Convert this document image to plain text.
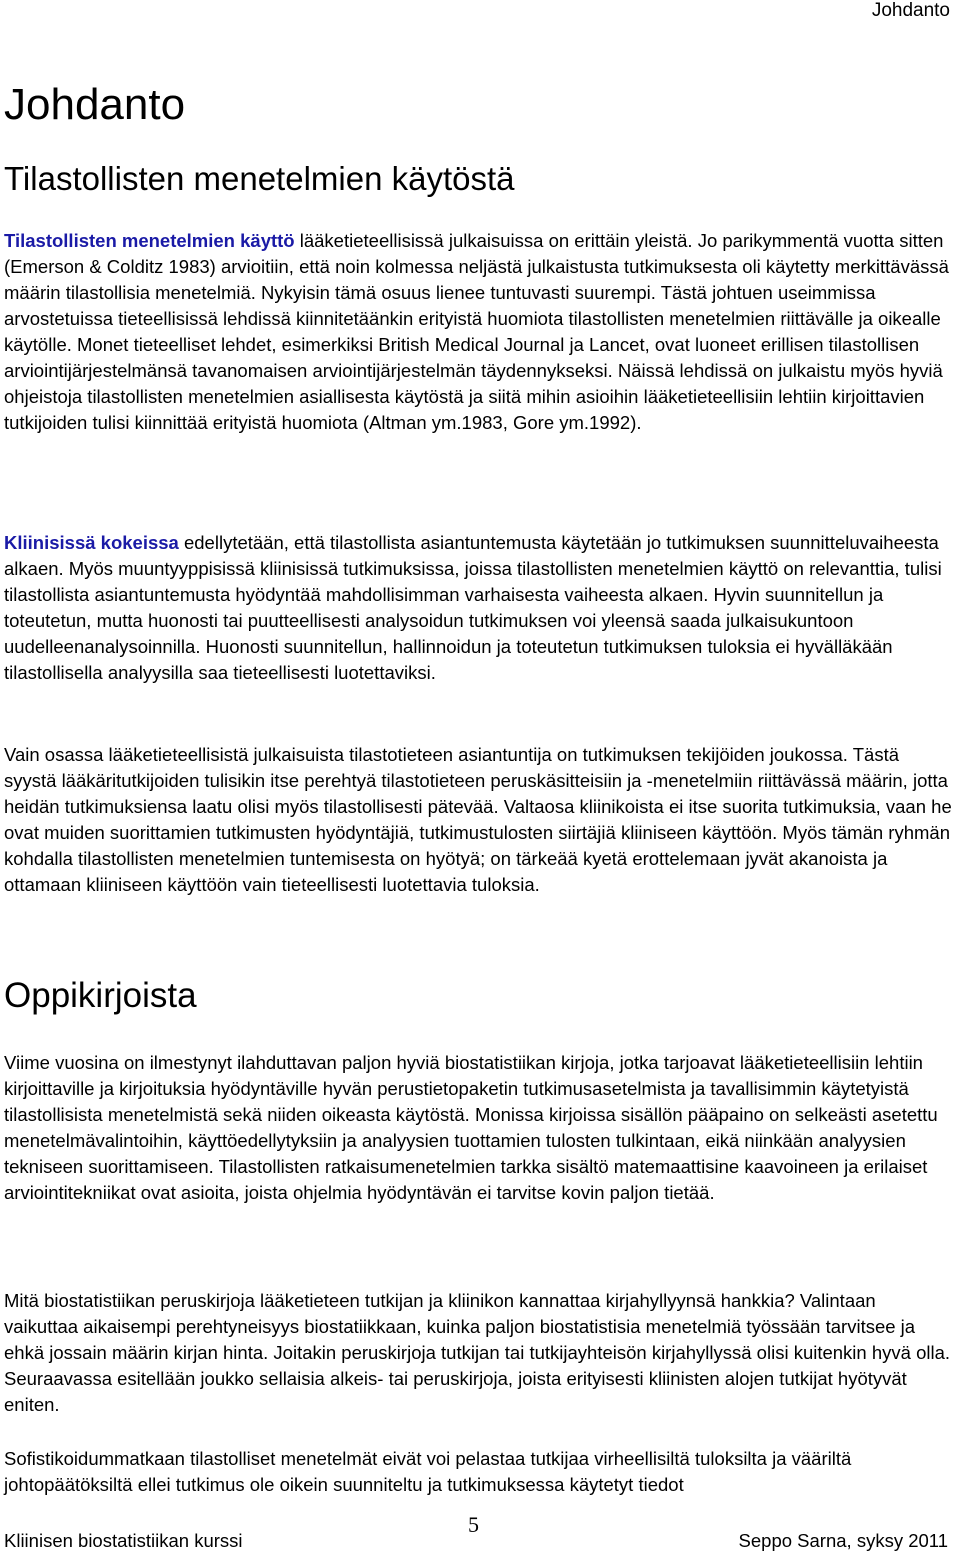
Johdanto
Johdanto
Tilastollisten menetelmien käytöstä

Tilastollisten menetelmien käyttö lääketieteellisissä julkaisuissa on erittäin yleistä. Jo parikymmentä vuotta sitten (Emerson & Colditz 1983) arvioitiin, että noin kolmessa neljästä julkaistusta tutkimuksesta oli käytetty merkittävässä määrin tilastollisia menetelmiä. Nykyisin tämä osuus lienee tuntuvasti suurempi. Tästä johtuen useimmissa arvostetuissa tieteellisissä lehdissä kiinnitetäänkin erityistä huomiota tilastollisten menetelmien riittävälle ja oikealle käytölle. Monet tieteelliset lehdet, esimerkiksi British Medical Journal ja Lancet, ovat luoneet erillisen tilastollisen arviointijärjestelmänsä tavanomaisen arviointijärjestelmän täydennykseksi. Näissä lehdissä on julkaistu myös hyviä ohjeistoja tilastollisten menetelmien asiallisesta käytöstä ja siitä mihin asioihin lääketieteellisiin lehtiin kirjoittavien tutkijoiden tulisi kiinnittää erityistä huomiota (Altman ym.1983, Gore ym.1992).

Kliinisissä kokeissa edellytetään, että tilastollista asiantuntemusta käytetään jo tutkimuksen suunnitteluvaiheesta alkaen. Myös muuntyyppisissä kliinisissä tutkimuksissa, joissa tilastollisten menetelmien käyttö on relevanttia, tulisi tilastollista asiantuntemusta hyödyntää mahdollisimman varhaisesta vaiheesta alkaen. Hyvin suunnitellun ja toteutetun, mutta huonosti tai puutteellisesti analysoidun tutkimuksen voi yleensä saada julkaisukuntoon uudelleenanalysoinnilla. Huonosti suunnitellun, hallinnoidun ja toteutetun tutkimuksen tuloksia ei hyvälläkään tilastollisella analyysilla saa tieteellisesti luotettaviksi.

Vain osassa lääketieteellisistä julkaisuista tilastotieteen asiantuntija on tutkimuksen tekijöiden joukossa. Tästä syystä lääkäritutkijoiden tulisikin itse perehtyä tilastotieteen peruskäsitteisiin ja -menetelmiin riittävässä määrin, jotta heidän tutkimuksiensa laatu olisi myös tilastollisesti pätevää. Valtaosa kliinikoista ei itse suorita tutkimuksia, vaan he ovat muiden suorittamien tutkimusten hyödyntäjiä, tutkimustulosten siirtäjiä kliiniseen käyttöön. Myös tämän ryhmän kohdalla tilastollisten menetelmien tuntemisesta on hyötyä; on tärkeää kyetä erottelemaan jyvät akanoista ja ottamaan kliiniseen käyttöön vain tieteellisesti luotettavia tuloksia.

Oppikirjoista

Viime vuosina on ilmestynyt ilahduttavan paljon hyviä biostatistiikan kirjoja, jotka tarjoavat lääketieteellisiin lehtiin kirjoittaville ja kirjoituksia hyödyntäville hyvän perustietopaketin tutkimusasetelmista ja tavallisimmin käytetyistä tilastollisista menetelmistä sekä niiden oikeasta käytöstä. Monissa kirjoissa sisällön pääpaino on selkeästi asetettu menetelmävalintoihin, käyttöedellytyksiin ja analyysien tuottamien tulosten tulkintaan, eikä niinkään analyysien tekniseen suorittamiseen. Tilastollisten ratkaisumenetelmien tarkka sisältö matemaattisine kaavoineen ja erilaiset arviointitekniikat ovat asioita, joista ohjelmia hyödyntävän ei tarvitse kovin paljon tietää.

Mitä biostatistiikan peruskirjoja lääketieteen tutkijan ja kliinikon kannattaa kirjahyllyynsä hankkia? Valintaan vaikuttaa aikaisempi perehtyneisyys biostatiikkaan, kuinka paljon biostatistisia menetelmiä työssään tarvitsee ja ehkä jossain määrin kirjan hinta. Joitakin peruskirjoja tutkijan tai tutkijayhteisön kirjahyllyssä olisi kuitenkin hyvä olla. Seuraavassa esitellään joukko sellaisia alkeis- tai peruskirjoja, joista erityisesti kliinisten alojen tutkijat hyötyvät eniten.

Sofistikoidummatkaan tilastolliset menetelmät eivät voi pelastaa tutkijaa virheellisiltä tuloksilta ja vääriltä johtopäätöksiltä ellei tutkimus ole oikein suunniteltu ja tutkimuksessa käytetyt tiedot

5
Kliinisen biostatistiikan kurssi	Seppo Sarna, syksy 2011
